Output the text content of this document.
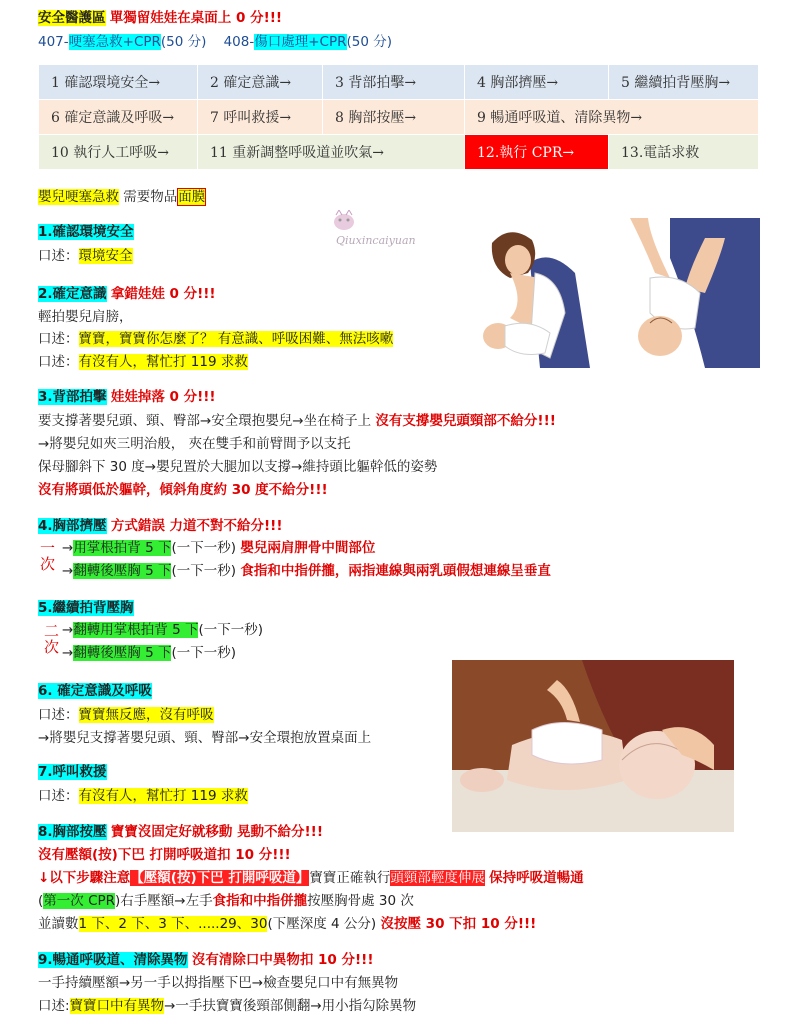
安全醫護區 單獨留娃娃在桌面上 0 分!!!
407-哽塞急救+CPR(50 分) 408-傷口處理+CPR(50 分)
1 確認環境安全→	2 確定意識→	3 背部拍擊→	4 胸部擠壓→	5 繼續拍背壓胸→
6 確定意識及呼吸→	7 呼叫救援→	8 胸部按壓→	9 暢通呼吸道、清除異物→	
10 執行人工呼吸→	11 重新調整呼吸道並吹氣→		12.執行 CPR→	13.電話求救
嬰兒哽塞急救 需要物品面膜
Qiuxincaiyuan
1.確認環境安全
口述：環境安全
2.確定意識 拿錯娃娃 0 分!!!
輕拍嬰兒肩膀，
口述：寶寶，寶寶你怎麼了？ 有意識、呼吸困難、無法咳嗽
口述：有沒有人，幫忙打 119 求救
3.背部拍擊 娃娃掉落 0 分!!!
要支撐著嬰兒頭、頸、臀部→安全環抱嬰兒→坐在椅子上 沒有支撐嬰兒頭頸部不給分!!!
→將嬰兒如夾三明治般， 夾在雙手和前臂間予以支托
保母腳斜下 30 度→嬰兒置於大腿加以支撐→維持頭比軀幹低的姿勢
沒有將頭低於軀幹，傾斜角度約 30 度不給分!!!
4.胸部擠壓 方式錯誤 力道不對不給分!!!
一
次
→用掌根拍背 5 下(一下一秒) 嬰兒兩肩胛骨中間部位
→翻轉後壓胸 5 下(一下一秒) 食指和中指併攏，兩指連線與兩乳頭假想連線呈垂直
5.繼續拍背壓胸
二
次
→翻轉用掌根拍背 5 下(一下一秒)
→翻轉後壓胸 5 下(一下一秒)
6. 確定意識及呼吸
口述：寶寶無反應，沒有呼吸
→將嬰兒支撐著嬰兒頭、頸、臀部→安全環抱放置桌面上
7.呼叫救援
口述：有沒有人，幫忙打 119 求救
8.胸部按壓 寶寶沒固定好就移動 晃動不給分!!!
沒有壓額(按)下巴 打開呼吸道扣 10 分!!!
↓以下步驟注意【壓額(按)下巴 打開呼吸道】寶寶正確執行頭頸部輕度伸展 保持呼吸道暢通
(第一次 CPR)右手壓額→左手食指和中指併攏按壓胸骨處 30 次
並讀數1 下、2 下、3 下、.....29、30(下壓深度 4 公分) 沒按壓 30 下扣 10 分!!!
9.暢通呼吸道、清除異物 沒有清除口中異物扣 10 分!!!
一手持續壓額→另一手以拇指壓下巴→檢查嬰兒口中有無異物
口述:寶寶口中有異物→一手扶寶寶後頸部側翻→用小指勾除異物
